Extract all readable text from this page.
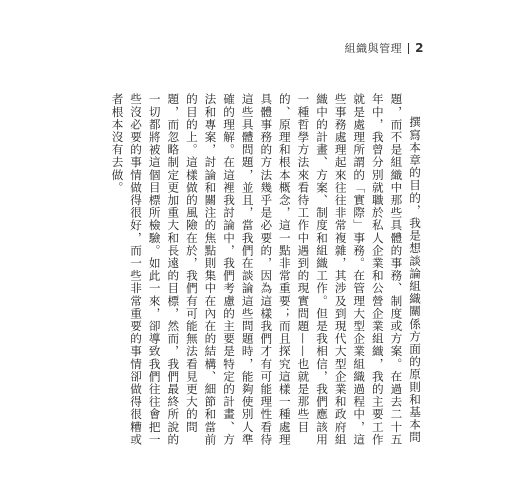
組織與管理 2

撰寫本章的目的，我是想談論組織關係方面的原則和基本問題，而不是組織中那些具體的事務、制度或方案。在過去二十五年中，我曾分別就職於私人企業和公營企業組織，我的主要工作就是處理所謂的「實際」事務。在管理大型企業組織過程中，這些事務處理起來往往非常複雜，其涉及到現代大型企業和政府組織中的計畫、方案、制度和組織工作。但是我相信，我們應該用一種哲學方法來看待工作中遇到的現實問題——也就是那些目的、原理和根本概念，這一點非常重要；而且探究這樣一種處理具體事務的方法幾乎是必要的，因為這樣我們才有可能理性看待這些具體問題，並且，當我們在談論這些問題時，能夠使別人準確的理解。在這裡我討論中，我們考慮的主要是特定的計畫、方法和專案，討論和關注的焦點則集中在內在的結構、細節和當前的目的上。這樣做的風險在於，我們有可能無法看見更大的問題，而忽略制定更加重大和長遠的目標，然而，我們最終所說的一切都將被這個目標所檢驗。如此一來，卻導致我們往往會把一些沒必要的事情做得很好，而一些非常重要的事情卻做得很糟或者根本沒有去做。
